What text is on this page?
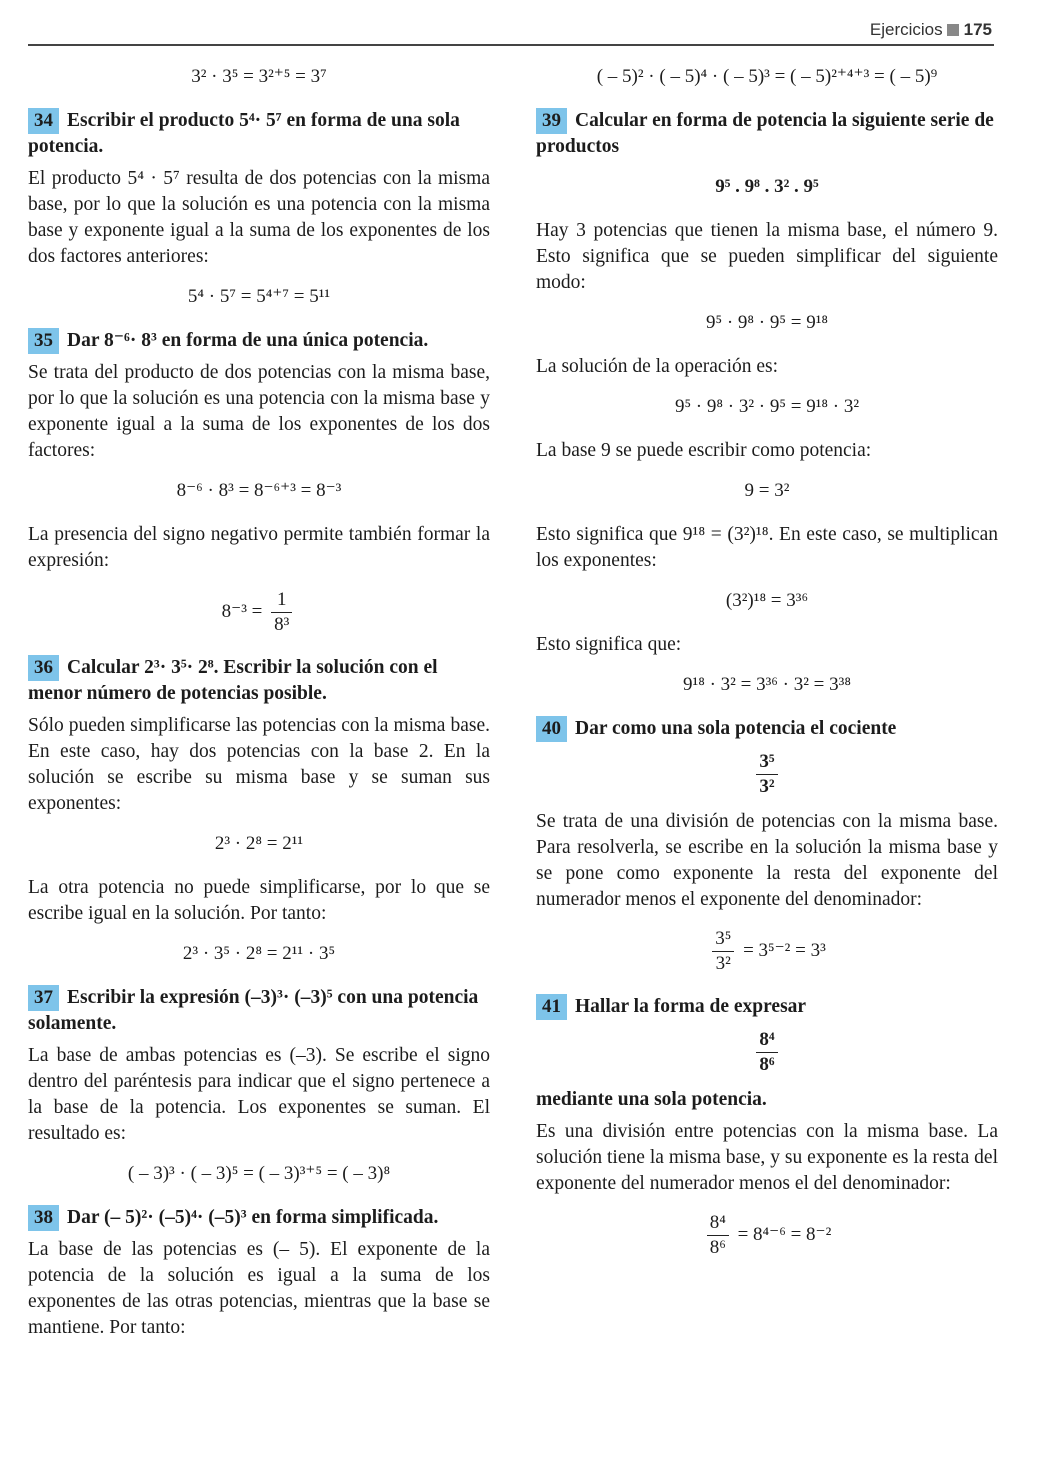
Ejercicios 175
3² · 3⁵ = 3²⁺⁵ = 3⁷
34 Escribir el producto 5⁴· 5⁷ en forma de una sola potencia.

El producto 5⁴ · 5⁷ resulta de dos potencias con la misma base, por lo que la solución es una potencia con la misma base y exponente igual a la suma de los exponentes de los dos factores anteriores:

5⁴ · 5⁷ = 5⁴⁺⁷ = 5¹¹
35 Dar 8⁻⁶· 8³ en forma de una única potencia.

Se trata del producto de dos potencias con la misma base, por lo que la solución es una potencia con la misma base y exponente igual a la suma de los exponentes de los dos factores:

8⁻⁶ · 8³ = 8⁻⁶⁺³ = 8⁻³

La presencia del signo negativo permite también formar la expresión:

$8^{-3} = \frac{1}{\text{8³}}$
36 Calcular 2³· 3⁵· 2⁸. Escribir la solución con el menor número de potencias posible.

Sólo pueden simplificarse las potencias con la misma base. En este caso, hay dos potencias con la base 2. En la solución se escribe su misma base y se suman sus exponentes:

2³ · 2⁸ = 2¹¹

La otra potencia no puede simplificarse, por lo que se escribe igual en la solución. Por tanto:

2³ · 3⁵ · 2⁸ = 2¹¹ · 3⁵
37 Escribir la expresión (–3)³· (–3)⁵ con una potencia solamente.

La base de ambas potencias es (–3). Se escribe el signo dentro del paréntesis para indicar que el signo pertenece a la base de la potencia. Los exponentes se suman. El resultado es:

( – 3)³ · ( – 3)⁵ = ( – 3)³⁺⁵ = ( – 3)⁸
38 Dar (– 5)²· (–5)⁴· (–5)³ en forma simplificada.

La base de las potencias es (– 5). El exponente de la potencia de la solución es igual a la suma de los exponentes de las otras potencias, mientras que la base se mantiene. Por tanto:

( – 5)² · ( – 5)⁴ · ( – 5)³ = ( – 5)²⁺⁴⁺³ = ( – 5)⁹
39 Calcular en forma de potencia la siguiente serie de productos
9⁵ . 9⁸ . 3² . 9⁵

Hay 3 potencias que tienen la misma base, el número 9. Esto significa que se pueden simplificar del siguiente modo:

9⁵ · 9⁸ · 9⁵ = 9¹⁸

La solución de la operación es:

9⁵ · 9⁸ · 3² · 9⁵ = 9¹⁸ · 3²

La base 9 se puede escribir como potencia:

9 = 3²

Esto significa que 9¹⁸ = (3²)¹⁸. En este caso, se multiplican los exponentes:

(3²)¹⁸ = 3³⁶

Esto significa que:

9¹⁸ · 3² = 3³⁶ · 3² = 3³⁸
40 Dar como una sola potencia el cociente
$\frac{\text{3⁵}}{\text{3²}}$

Se trata de una división de potencias con la misma base. Para resolverla, se escribe en la solución la misma base y se pone como exponente la resta del exponente del numerador menos el exponente del denominador:

$\frac{\text{3⁵}}{\text{3²}} = 3^{5-2} = 3^3$
41 Hallar la forma de expresar
$\frac{\text{8⁴}}{\text{8⁶}}$
mediante una sola potencia.

Es una división entre potencias con la misma base. La solución tiene la misma base, y su exponente es la resta del exponente del numerador menos el del denominador:

$\frac{\text{8⁴}}{\text{8⁶}} = 8^{4-6} = 8^{-2}$
